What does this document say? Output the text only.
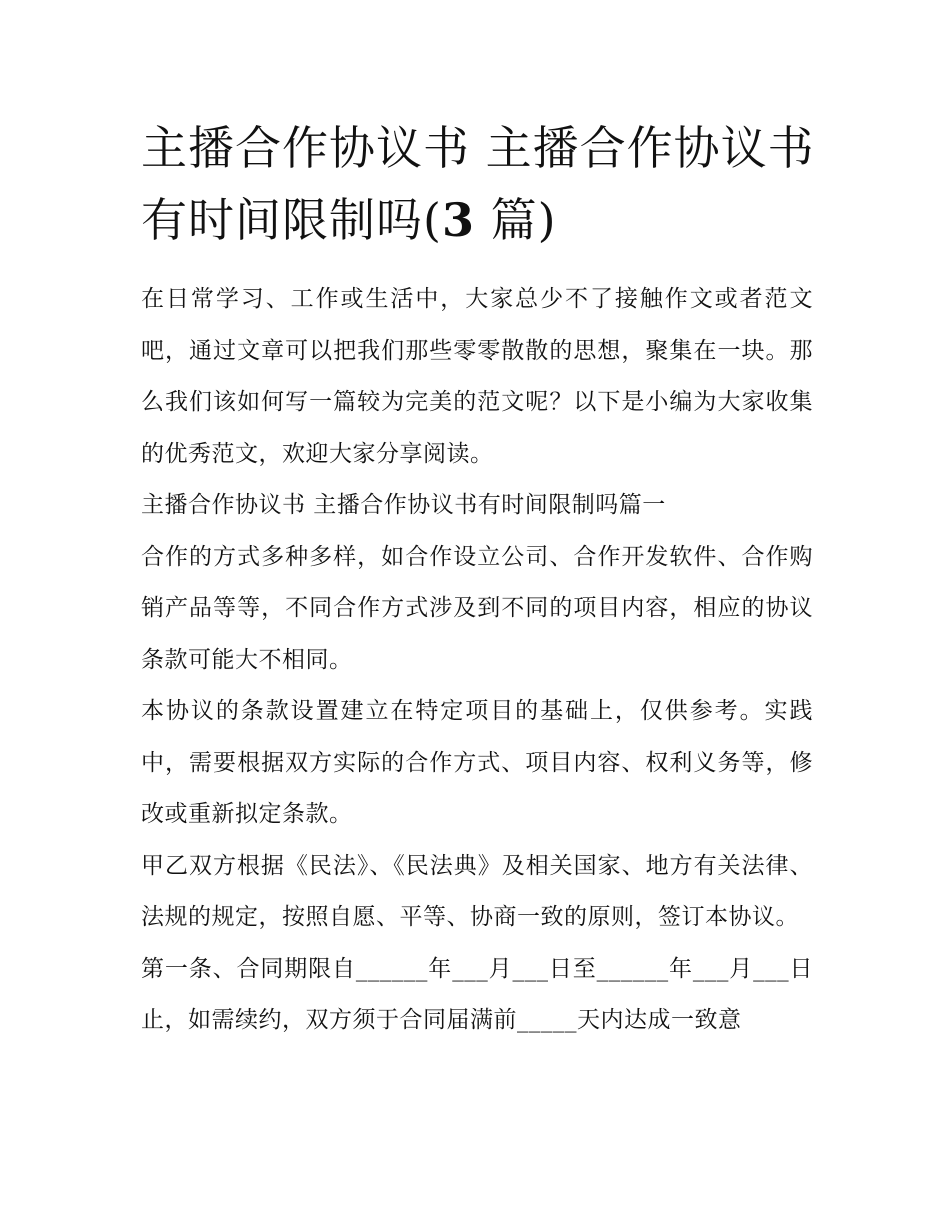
主播合作协议书 主播合作协议书有时间限制吗(3 篇)

在日常学习、工作或生活中，大家总少不了接触作文或者范文吧，通过文章可以把我们那些零零散散的思想，聚集在一块。那么我们该如何写一篇较为完美的范文呢？以下是小编为大家收集的优秀范文，欢迎大家分享阅读。

主播合作协议书 主播合作协议书有时间限制吗篇一

合作的方式多种多样，如合作设立公司、合作开发软件、合作购销产品等等，不同合作方式涉及到不同的项目内容，相应的协议条款可能大不相同。

本协议的条款设置建立在特定项目的基础上，仅供参考。实践中，需要根据双方实际的合作方式、项目内容、权利义务等，修改或重新拟定条款。

甲乙双方根据《民法》、《民法典》及相关国家、地方有关法律、法规的规定，按照自愿、平等、协商一致的原则，签订本协议。

第一条、合同期限自______年___月___日至______年___月___日止，如需续约，双方须于合同届满前_____天内达成一致意
